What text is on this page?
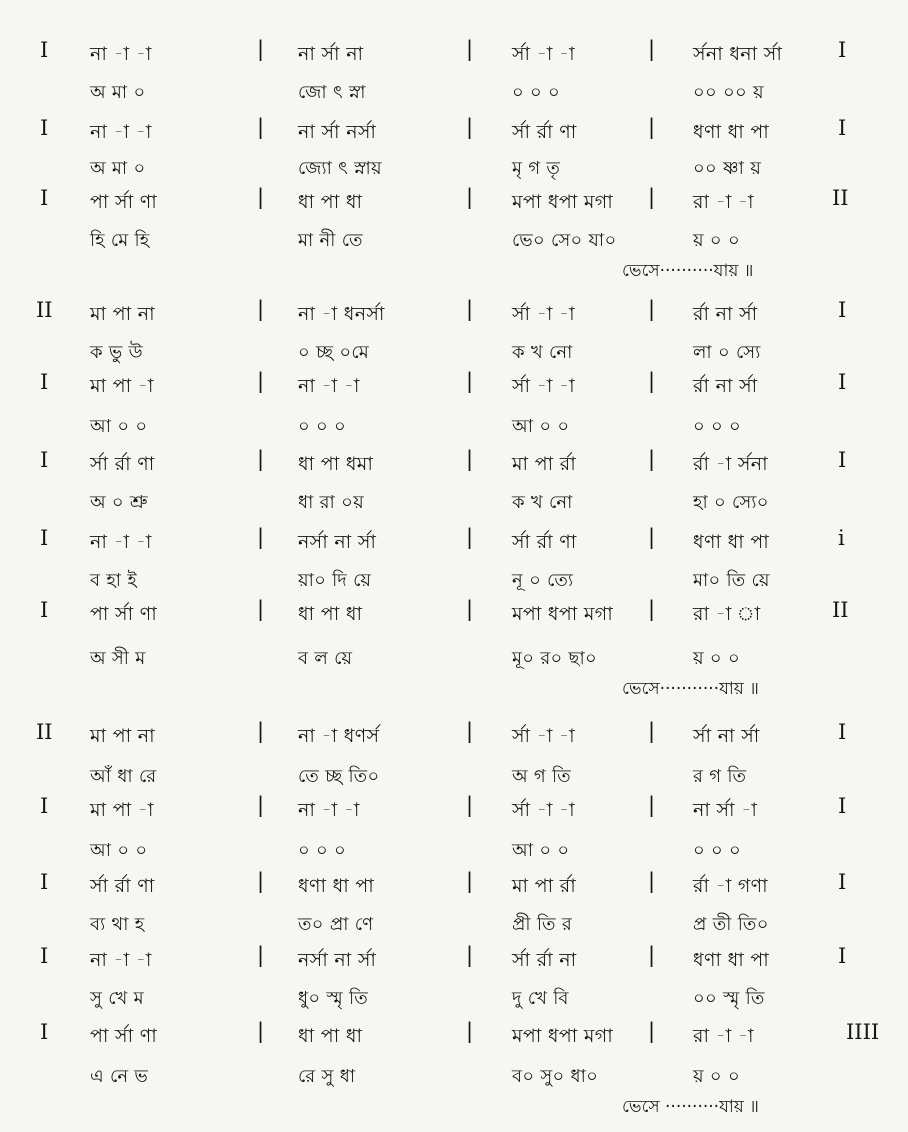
I না -া -া	| না র্সা না	| র্সা -া -া	| র্সনা ধনা র্সা	I
অ মা ০	জো ৎ স্না	০ ০ ০	০০ ০০ য়
I না -া -া	| না র্সা নর্সা	| র্সা র্রা ণা	| ধণা ধা পা	I
অ মা ০	জ্যো ৎ স্নায়	মৃ গ তৃ	০০ ষ্ণা য়
I পা র্সা ণা	| ধা পা ধা	| মপা ধপা মগা | রা -া -া	II
হি মে হি	মা নী তে	ভে০ সে০ যা০	য় ০ ০
ভেসে··········যায় ॥
II মা পা না	| না -া ধনর্সা	| র্সা -া -া	| র্রা না র্সা	I
ক ভু উ	০ চ্ছ ০মে	ক খ নো	লা ০ স্যে
I মা পা -া	| না -া -া	| র্সা -া -া	| র্রা না র্সা	I
আ ০ ০	০ ০ ০	আ ০ ০	০ ০ ০
I র্সা র্রা ণা	| ধা পা ধমা	| মা পা র্রা	| র্রা -া র্সনা	I
অ ০ শ্রু	ধা রা ০য়	ক খ নো	হা ০ স্যে০
I না -া -া	| নর্সা না র্সা	| র্সা র্রা ণা	| ধণা ধা পা	i
ব হা ই	য়া০ দি য়ে	নূ ০ ত্যে	মা০ তি য়ে
I পা র্সা ণা	| ধা পা ধা	| মপা ধপা মগা | রা -া া	II
অ সী ম	ব ল য়ে	মূ০ র০ ছা০	য় ০ ০
ভেসে···········যায় ॥
II মা পা না	| না -া ধণর্স	| র্সা -া -া	| র্সা না র্সা	I
আঁ ধা রে	তে চ্ছ তি০	অ গ তি	র গ তি
I মা পা -া	| না -া -া	| র্সা -া -া	| না র্সা -া	I
আ ০ ০	০ ০ ০	আ ০ ০	০ ০ ০
I র্সা র্রা ণা	| ধণা ধা পা	| মা পা র্রা	| র্রা -া গণা	I
ব্য থা হ	ত০ প্রা ণে	প্রী তি র	প্র তী তি০
I না -া -া	| নর্সা না র্সা	| র্সা র্রা না	| ধণা ধা পা	I
সু খে ম	ধু০ স্মৃ তি	দু খে বি	০০ স্মৃ তি
I পা র্সা ণা	| ধা পা ধা	| মপা ধপা মগা | রা -া -া	IIII
এ নে ভ	রে সু ধা	ব০ সু০ ধা০	য় ০ ০
ভেসে ··········যায় ॥
